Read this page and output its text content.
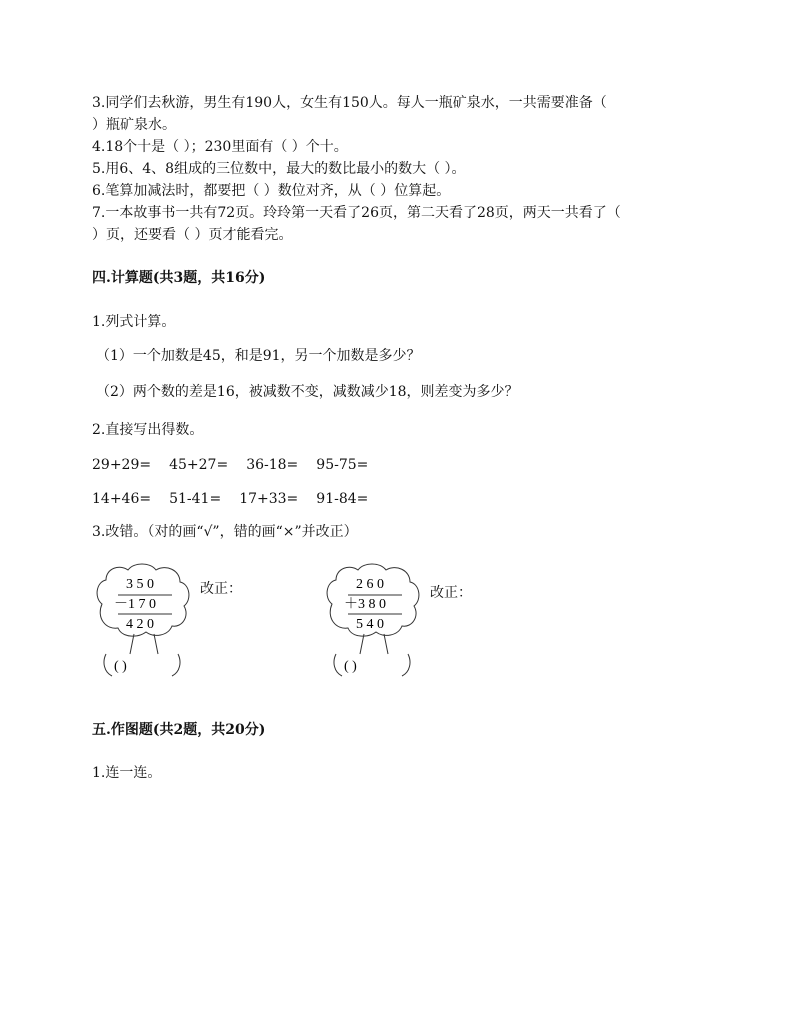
3.同学们去秋游，男生有190人，女生有150人。每人一瓶矿泉水，一共需要准备（
）瓶矿泉水。
4.18个十是（ ）；230里面有（ ）个十。
5.用6、4、8组成的三位数中，最大的数比最小的数大（ ）。
6.笔算加减法时，都要把（ ）数位对齐，从（ ）位算起。
7.一本故事书一共有72页。玲玲第一天看了26页，第二天看了28页，两天一共看了（
）页，还要看（ ）页才能看完。
四.计算题(共3题，共16分)
1.列式计算。
（1）一个加数是45，和是91，另一个加数是多少？
（2）两个数的差是16，被减数不变，减数减少18，则差变为多少？
2.直接写出得数。
29+29= 45+27= 36-18= 95-75=
14+46= 51-41= 17+33= 91-84=
3.改错。（对的画“√”，错的画“×”并改正）
3 5 0
－1 7 0
4 2 0
( )
改正：	2 6 0
＋3 8 0
5 4 0
( )
改正：
五.作图题(共2题，共20分)
1.连一连。
